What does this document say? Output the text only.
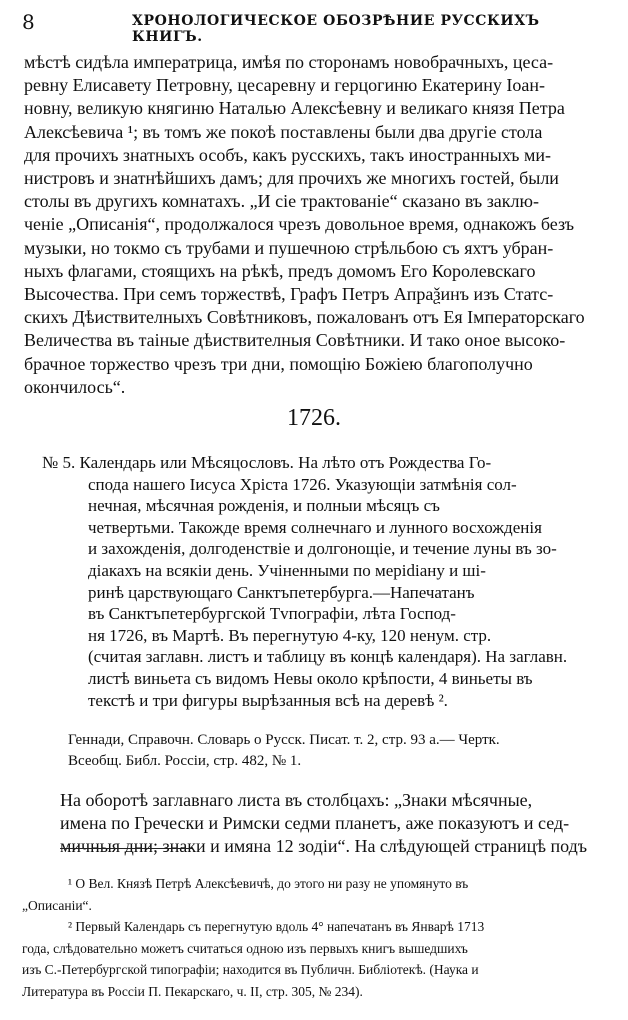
8	ХРОНОЛОГИЧЕСКОЕ ОБОЗРѢНИЕ РУССКИХЪ КНИГЪ.
мѣстѣ сидѣла императрица, имѣя по сторонамъ новобрачныхъ, цеса-
ревну Елисавету Петровну, цесаревну и герцогиню Екатерину Іоан-
новну, великую княгиню Наталью Алексѣевну и великаго князя Петра
Алексѣевича ¹; въ томъ же покоѣ поставлены были два другіе стола
для прочихъ знатныхъ особъ, какъ русскихъ, такъ иностранныхъ ми-
нистровъ и знатнѣйшихъ дамъ; для прочихъ же многихъ гостей, были
столы въ другихъ комнатахъ. „И сіе трактованіе“ сказано въ заклю-
ченіе „Описанія“, продолжалося чрезъ довольное время, однакожъ безъ
музыки, но токмо съ трубами и пушечною стрѣльбою съ яхтъ убран-
ныхъ флагами, стоящихъ на рѣкѣ, предъ домомъ Его Королевскаго
Высочества. При семъ торжествѣ, Графъ Петръ Апраѯинъ изъ Статс-
скихъ Дѣиствителныхъ Совѣтниковъ, пожалованъ отъ Ея Імператорскаго
Величества въ таіные дѣиствителныя Совѣтники. И тако оное высоко-
брачное торжество чрезъ три дни, помощію Божіею благополучно
окончилось“.
1726.
№ 5. Календарь или Мѣсяцословъ. На лѣто отъ Рождества Го-
спода нашего Іисуса Хріста 1726. Указующіи затмѣнія сол-
нечная, мѣсячная рожденія, и полныи мѣсяцъ съ
четвертьми. Такожде время солнечнаго и лунного восхожденія
и захожденія, долгоденствіе и долгонощіе, и течение луны въ зо-
діакахъ на всякіи день. Учіненными по меріdіану и шi-
ринѣ царствующаго Санктъпетербурга.—Напечатанъ
въ Санктъпетербургской Тvпографiи, лѣта Господ-
ня 1726, въ Мартѣ. Въ перегнутую 4-ку, 120 ненум. стр.
(считая заглавн. листъ и таблицу въ концѣ календаря). На заглавн.
листѣ виньета съ видомъ Невы около крѣпости, 4 виньеты въ
текстѣ и три фигуры вырѣзанныя всѣ на деревѣ ².
Геннади, Справочн. Словарь о Русск. Писат. т. 2, стр. 93 а.— Чертк.
Всеобщ. Библ. Россіи, стр. 482, № 1.
На оборотѣ заглавнаго листа въ столбцахъ: „Знаки мѣсячные,
имена по Гречески и Римски седми планетъ, аже показуютъ и сед-
мичныя дни; знаки и имяна 12 зодіи“. На слѣдующей страницѣ подъ
¹ О Вел. Князѣ Петрѣ Алексѣевичѣ, до этого ни разу не упомянуто въ
„Описаніи“.
² Первый Календарь съ перегнутую вдоль 4° напечатанъ въ Январѣ 1713
года, слѣдовательно можетъ считаться одною изъ первыхъ книгъ вышедшихъ
изъ С.-Петербургской типографіи; находится въ Публичн. Библіотекѣ. (Наука и
Литература въ Россіи П. Пекарскаго, ч. II, стр. 305, № 234).
